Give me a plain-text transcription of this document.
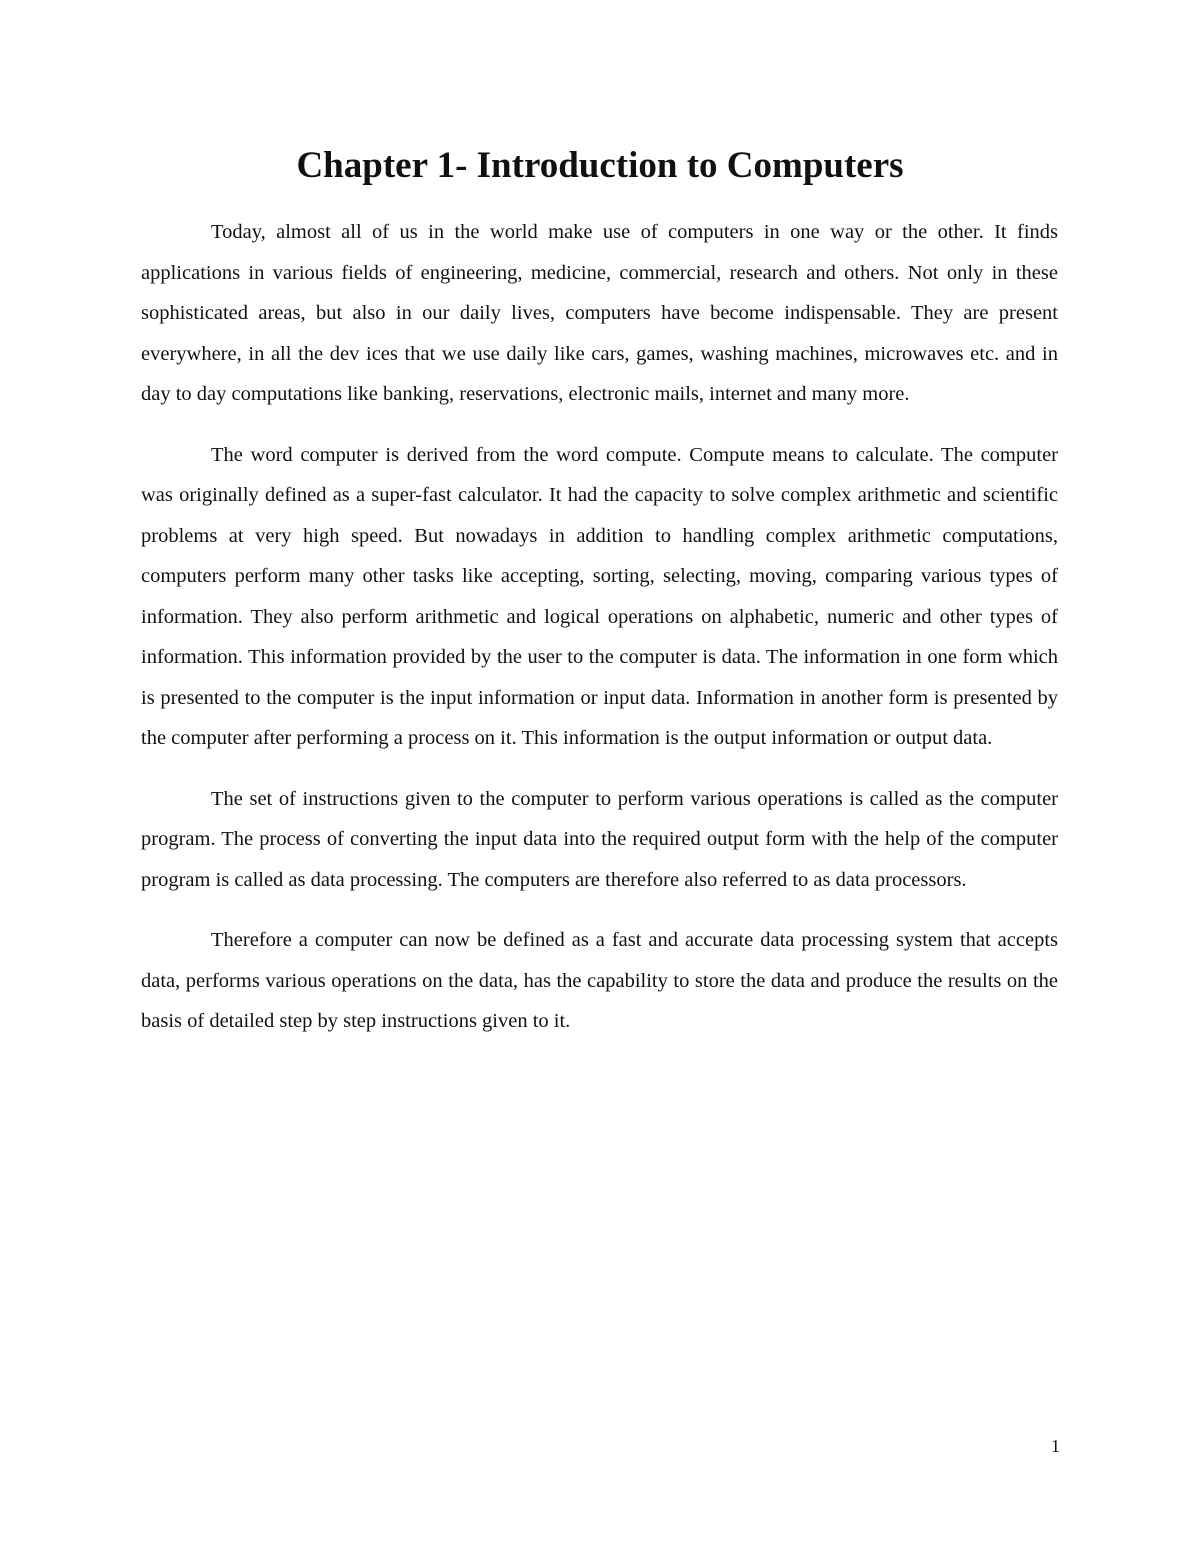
Chapter 1- Introduction to Computers

Today, almost all of us in the world make use of computers in one way or the other. It finds applications in various fields of engineering, medicine, commercial, research and others. Not only in these sophisticated areas, but also in our daily lives, computers have become indispensable. They are present everywhere, in all the dev ices that we use daily like cars, games, washing machines, microwaves etc. and in day to day computations like banking, reservations, electronic mails, internet and many more.

The word computer is derived from the word compute. Compute means to calculate. The computer was originally defined as a super-fast calculator. It had the capacity to solve complex arithmetic and scientific problems at very high speed. But nowadays in addition to handling complex arithmetic computations, computers perform many other tasks like accepting, sorting, selecting, moving, comparing various types of information. They also perform arithmetic and logical operations on alphabetic, numeric and other types of information. This information provided by the user to the computer is data. The information in one form which is presented to the computer is the input information or input data. Information in another form is presented by the computer after performing a process on it. This information is the output information or output data.

The set of instructions given to the computer to perform various operations is called as the computer program. The process of converting the input data into the required output form with the help of the computer program is called as data processing. The computers are therefore also referred to as data processors.

Therefore a computer can now be defined as a fast and accurate data processing system that accepts data, performs various operations on the data, has the capability to store the data and produce the results on the basis of detailed step by step instructions given to it.

1
